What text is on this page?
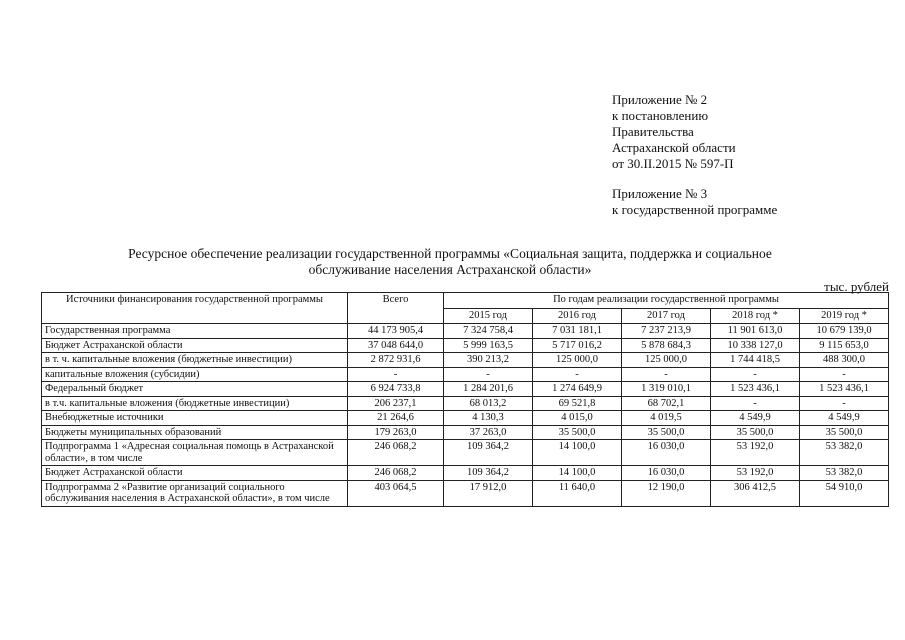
Приложение № 2
к постановлению
Правительства
Астраханской области
от 30.II.2015 № 597-П
Приложение № 3
к государственной программе
Ресурсное обеспечение реализации государственной программы «Социальная защита, поддержка и социальное
обслуживание населения Астраханской области»
тыс. рублей
Источники финансирования государственной программы	Всего	По годам реализации государственной программы				
		2015 год	2016 год	2017 год	2018 год *	2019 год *
Государственная программа	44 173 905,4	7 324 758,4	7 031 181,1	7 237 213,9	11 901 613,0	10 679 139,0
Бюджет Астраханской области	37 048 644,0	5 999 163,5	5 717 016,2	5 878 684,3	10 338 127,0	9 115 653,0
в т. ч. капитальные вложения (бюджетные инвестиции)	2 872 931,6	390 213,2	125 000,0	125 000,0	1 744 418,5	488 300,0
капитальные вложения (субсидии)	-	-	-	-	-	-
Федеральный бюджет	6 924 733,8	1 284 201,6	1 274 649,9	1 319 010,1	1 523 436,1	1 523 436,1
в т.ч. капитальные вложения (бюджетные инвестиции)	206 237,1	68 013,2	69 521,8	68 702,1	-	-
Внебюджетные источники	21 264,6	4 130,3	4 015,0	4 019,5	4 549,9	4 549,9
Бюджеты муниципальных образований	179 263,0	37 263,0	35 500,0	35 500,0	35 500,0	35 500,0
Подпрограмма 1 «Адресная социальная помощь в Астраханской области», в том числе	246 068,2	109 364,2	14 100,0	16 030,0	53 192,0	53 382,0
Бюджет Астраханской области	246 068,2	109 364,2	14 100,0	16 030,0	53 192,0	53 382,0
Подпрограмма 2 «Развитие организаций социального обслуживания населения в Астраханской области», в том числе	403 064,5	17 912,0	11 640,0	12 190,0	306 412,5	54 910,0
